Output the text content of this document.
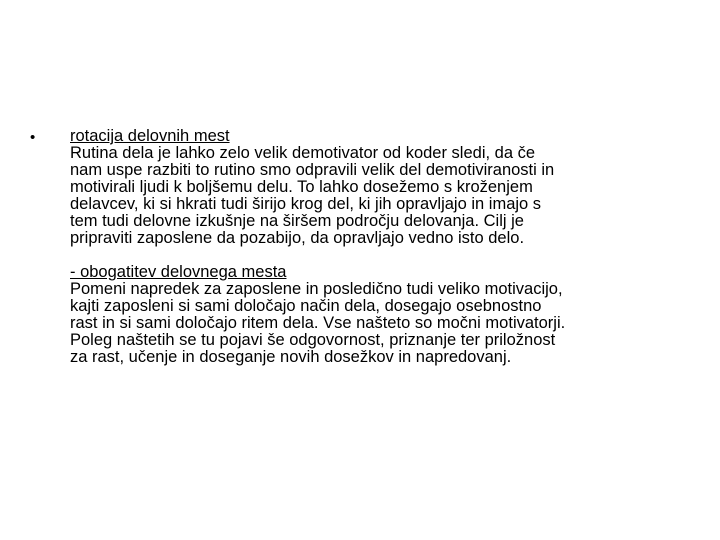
• rotacija delovnih mest

Rutina dela je lahko zelo velik demotivator od koder sledi, da če
nam uspe razbiti to rutino smo odpravili velik del demotiviranosti in
motivirali ljudi k boljšemu delu. To lahko dosežemo s kroženjem
delavcev, ki si hkrati tudi širijo krog del, ki jih opravljajo in imajo s
tem tudi delovne izkušnje na širšem področju delovanja. Cilj je
pripraviti zaposlene da pozabijo, da opravljajo vedno isto delo.

- obogatitev delovnega mesta

Pomeni napredek za zaposlene in posledično tudi veliko motivacijo,
kajti zaposleni si sami določajo način dela, dosegajo osebnostno
rast in si sami določajo ritem dela. Vse našteto so močni motivatorji.
Poleg naštetih se tu pojavi še odgovornost, priznanje ter priložnost
za rast, učenje in doseganje novih dosežkov in napredovanj.
